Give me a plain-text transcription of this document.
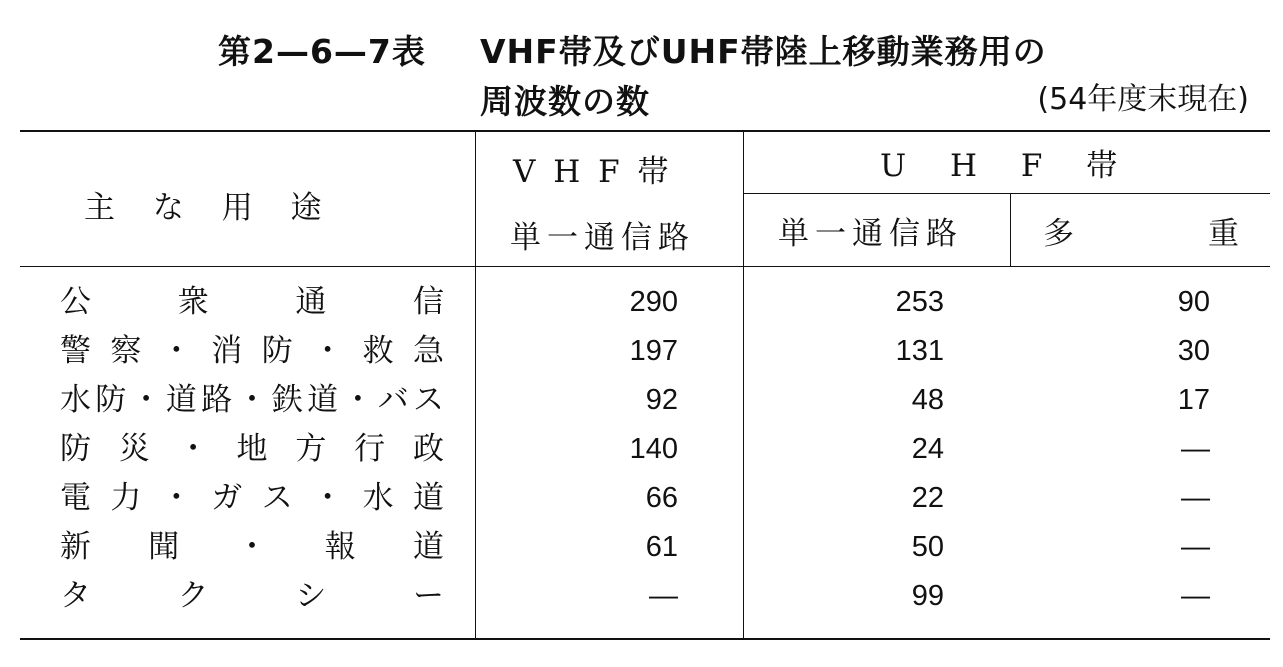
第2—6—7表 VHF帯及びUHF帯陸上移動業務用の
周波数の数	(54年度末現在)
主 な 用 途
V H F 帯	U H F 帯
単一通信路	単一通信路	多	重
公衆通信	290	253	90
警察・消防・救急	197	131	30
水防・道路・鉄道・バス	92	48	17
防災・地方行政	140	24	—
電力・ガス・水道	66	22	—
新聞・報道	61	50	—
タクシー	—	99	—
